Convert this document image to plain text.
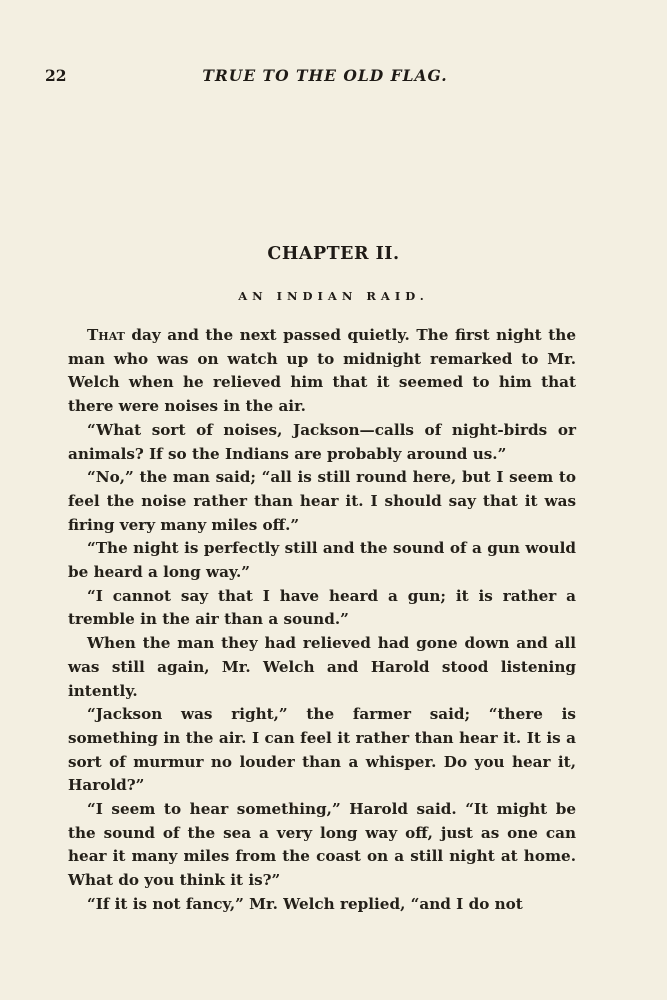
22	TRUE TO THE OLD FLAG.
CHAPTER II.
AN INDIAN RAID.

That day and the next passed quietly. The first night the man who was on watch up to midnight remarked to Mr. Welch when he relieved him that it seemed to him that there were noises in the air.

“What sort of noises, Jackson—calls of night-birds or animals? If so the Indians are probably around us.”

“No,” the man said; “all is still round here, but I seem to feel the noise rather than hear it. I should say that it was firing very many miles off.”

“The night is perfectly still and the sound of a gun would be heard a long way.”

“I cannot say that I have heard a gun; it is rather a tremble in the air than a sound.”

When the man they had relieved had gone down and all was still again, Mr. Welch and Harold stood listening intently.

“Jackson was right,” the farmer said; “there is something in the air. I can feel it rather than hear it. It is a sort of murmur no louder than a whisper. Do you hear it, Harold?”

“I seem to hear something,” Harold said. “It might be the sound of the sea a very long way off, just as one can hear it many miles from the coast on a still night at home. What do you think it is?”

“If it is not fancy,” Mr. Welch replied, “and I do not
